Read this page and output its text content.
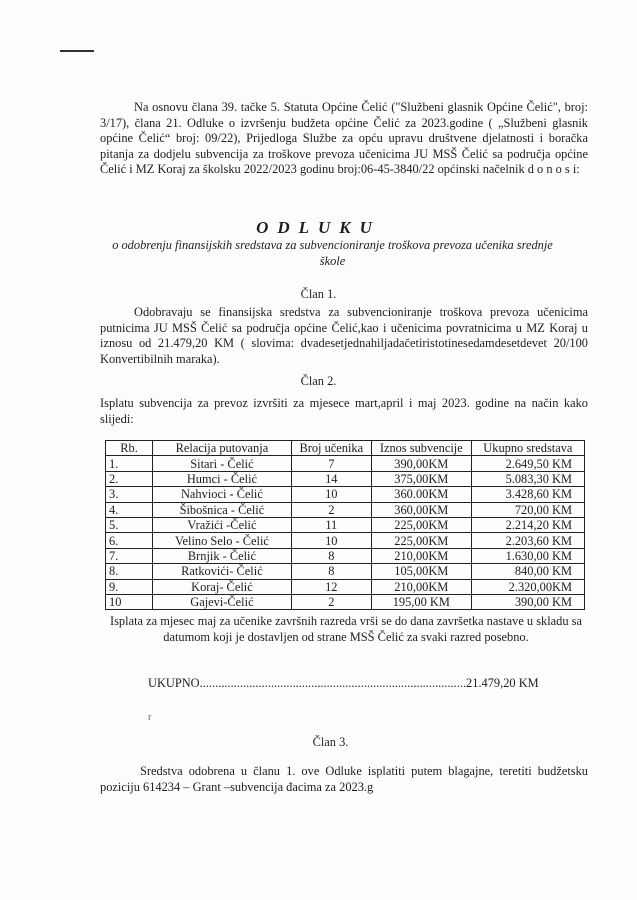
Na osnovu člana 39. tačke 5. Statuta Općine Čelić ("Službeni glasnik Općine Čelić", broj: 3/17), člana 21. Odluke o izvršenju budžeta općine Čelić za 2023.godine ( „Službeni glasnik općine Čelić“ broj: 09/22), Prijedloga Službe za opću upravu društvene djelatnosti i boračka pitanja za dodjelu subvencija za troškove prevoza učenicima JU MSŠ Čelić sa područja općine Čelić i MZ Koraj za školsku 2022/2023 godinu broj:06-45-3840/22 općinski načelnik d o n o s i:
ODLUKU
o odobrenju finansijskih sredstava za subvencioniranje troškova prevoza učenika srednje škole
Član 1.
Odobravaju se finansijska sredstva za subvencioniranje troškova prevoza učenicima putnicima JU MSŠ Čelić sa područja općine Čelić,kao i učenicima povratnicima u MZ Koraj u iznosu od 21.479,20 KM ( slovima: dvadesetjednahiljadačetiristotinesedamdesetdevet 20/100 Konvertibilnih maraka).
Član 2.
Isplatu subvencija za prevoz izvršiti za mjesece mart,april i maj 2023. godine na način kako slijedi:
Rb.	Relacija putovanja	Broj učenika	Iznos subvencije	Ukupno sredstava
1.	Sitari - Čelić	7	390,00KM	2.649,50 KM
2.	Humci - Čelić	14	375,00KM	5.083,30 KM
3.	Nahvioci - Čelić	10	360.00KM	3.428,60 KM
4.	Šibošnica - Čelić	2	360,00KM	720,00 KM
5.	Vražići -Čelić	11	225,00KM	2.214,20 KM
6.	Velino Selo - Čelić	10	225,00KM	2.203,60 KM
7.	Brnjik - Čelić	8	210,00KM	1.630,00 KM
8.	Ratkovići- Čelić	8	105,00KM	840,00 KM
9.	Koraj- Čelić	12	210,00KM	2.320,00KM
10	Gajevi-Čelić	2	195,00 KM	390,00 KM
Isplata za mjesec maj za učenike završnih razreda vrši se do dana završetka nastave u skladu sa datumom koji je dostavljen od strane MSŠ Čelić za svaki razred posebno.
UKUPNO......................................................................................21.479,20 KM
r
Član 3.
Sredstva odobrena u članu 1. ove Odluke isplatiti putem blagajne, teretiti budžetsku poziciju 614234 – Grant –subvencija đacima za 2023.g
